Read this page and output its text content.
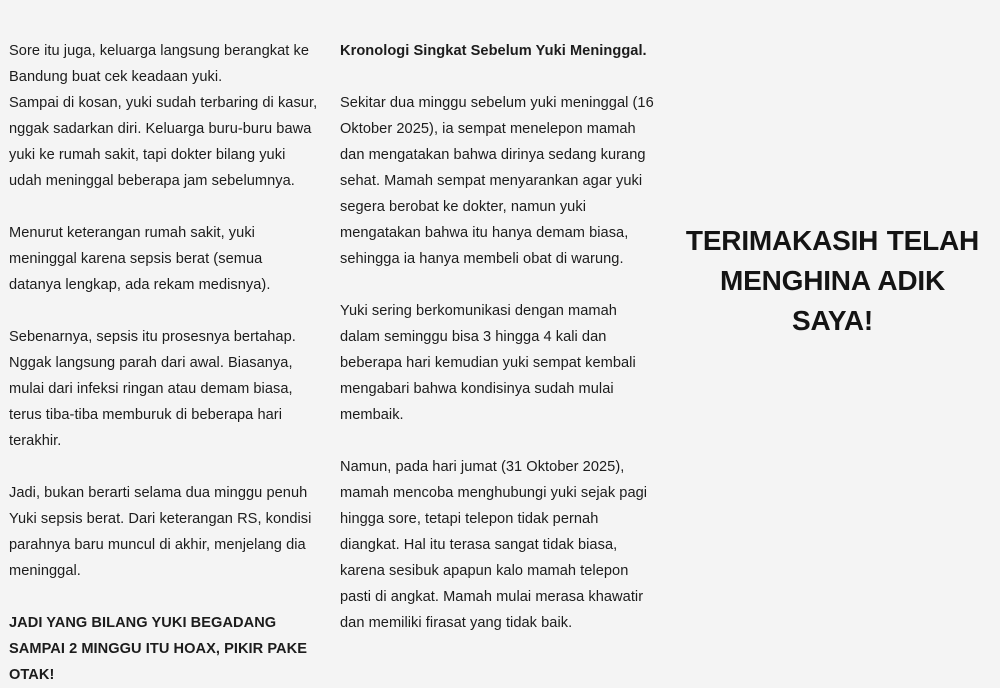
Sore itu juga, keluarga langsung berangkat ke Bandung buat cek keadaan yuki.

Sampai di kosan, yuki sudah terbaring di kasur, nggak sadarkan diri. Keluarga buru-buru bawa yuki ke rumah sakit, tapi dokter bilang yuki udah meninggal beberapa jam sebelumnya.

Menurut keterangan rumah sakit, yuki meninggal karena sepsis berat (semua datanya lengkap, ada rekam medisnya).

Sebenarnya, sepsis itu prosesnya bertahap. Nggak langsung parah dari awal. Biasanya, mulai dari infeksi ringan atau demam biasa, terus tiba-tiba memburuk di beberapa hari terakhir.

Jadi, bukan berarti selama dua minggu penuh Yuki sepsis berat. Dari keterangan RS, kondisi parahnya baru muncul di akhir, menjelang dia meninggal.

JADI YANG BILANG YUKI BEGADANG SAMPAI 2 MINGGU ITU HOAX, PIKIR PAKE OTAK!

Kronologi Singkat Sebelum Yuki Meninggal.

Sekitar dua minggu sebelum yuki meninggal (16 Oktober 2025), ia sempat menelepon mamah dan mengatakan bahwa dirinya sedang kurang sehat. Mamah sempat menyarankan agar yuki segera berobat ke dokter, namun yuki mengatakan bahwa itu hanya demam biasa, sehingga ia hanya membeli obat di warung.

Yuki sering berkomunikasi dengan mamah dalam seminggu bisa 3 hingga 4 kali dan beberapa hari kemudian yuki sempat kembali mengabari bahwa kondisinya sudah mulai membaik.

Namun, pada hari jumat (31 Oktober 2025), mamah mencoba menghubungi yuki sejak pagi hingga sore, tetapi telepon tidak pernah diangkat. Hal itu terasa sangat tidak biasa, karena sesibuk apapun kalo mamah telepon pasti di angkat. Mamah mulai merasa khawatir dan memiliki firasat yang tidak baik.

TERIMAKASIH TELAH MENGHINA ADIK SAYA!
